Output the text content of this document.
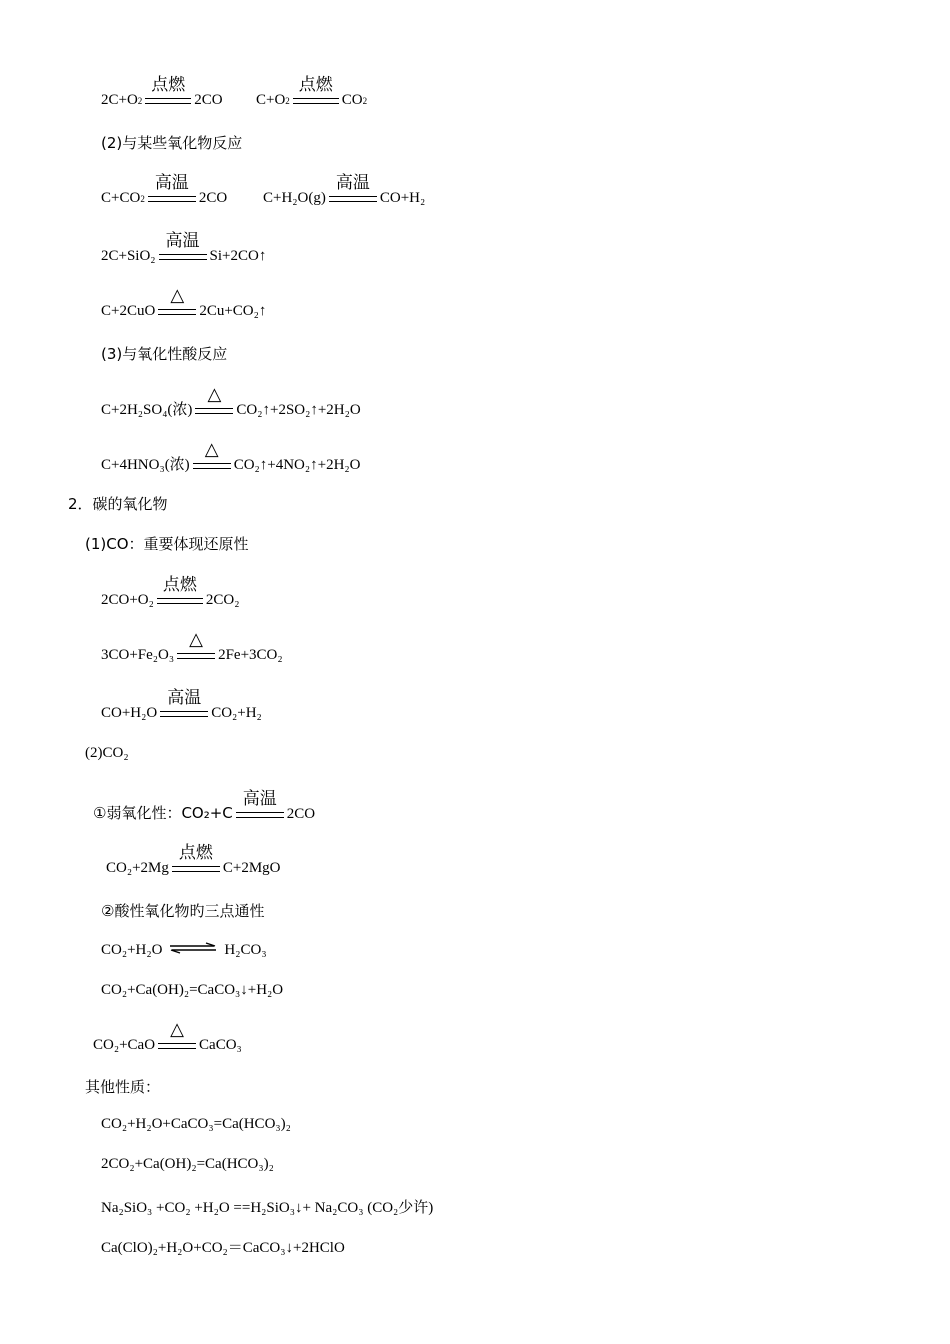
2C+O 2
点燃
2CO C+O 2
点燃
CO 2
(2)与某些氧化物反应
C+CO 2
高温
2CO C+H₂O(g)
高温
CO+H₂
2C+SiO₂
高温
Si+2CO↑
C+2CuO
△
2Cu+CO₂↑
(3)与氧化性酸反应
C+2H₂SO₄(浓)
△
CO₂↑+2SO₂↑+2H₂O
C+4HNO₃(浓)
△
CO₂↑+4NO₂↑+2H₂O
2．碳的氧化物
(1)CO：重要体现还原性
2CO+O₂
点燃
2CO₂
3CO+Fe₂O₃
△
2Fe+3CO₂
CO+H₂O
高温
CO₂+H₂
(2)CO₂
①弱氧化性：CO₂+C
高温
2CO
CO₂+2Mg
点燃
C+2MgO
②酸性氧化物旳三点通性
CO₂+H₂O ⇌ H₂CO₃
CO₂+Ca(OH)₂=CaCO₃↓+H₂O
CO₂+CaO
△
CaCO₃
其他性质：
CO₂+H₂O+CaCO₃=Ca(HCO₃)₂
2CO₂+Ca(OH)₂=Ca(HCO₃)₂
Na₂SiO₃ +CO₂ +H₂O ==H₂SiO₃↓+ Na₂CO₃ (CO₂少许)
Ca(ClO)₂+H₂O+CO₂＝CaCO₃↓+2HClO
